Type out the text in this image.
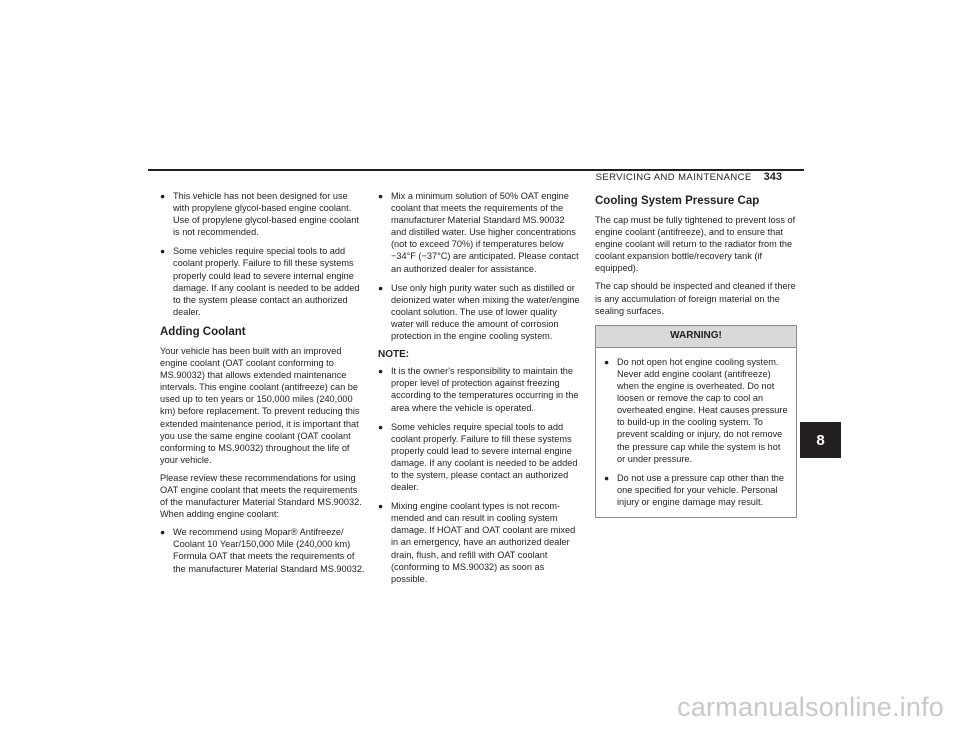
SERVICING AND MAINTENANCE 343
● This vehicle has not been designed for use with propylene glycol-based engine coolant. Use of propylene glycol-based engine coolant is not recommended.
● Some vehicles require special tools to add coolant properly. Failure to fill these systems properly could lead to severe internal engine damage. If any coolant is needed to be added to the system please contact an authorized dealer.
Adding Coolant

Your vehicle has been built with an improved engine coolant (OAT coolant conforming to MS.90032) that allows extended maintenance intervals. This engine coolant (antifreeze) can be used up to ten years or 150,000 miles (240,000 km) before replacement. To prevent reducing this extended maintenance period, it is important that you use the same engine coolant (OAT coolant conforming to MS.90032) throughout the life of your vehicle.

Please review these recommendations for using OAT engine coolant that meets the requirements of the manufacturer Material Standard MS.90032. When adding engine coolant:

● We recommend using Mopar® Antifreeze/ Coolant 10 Year/150,000 Mile (240,000 km) Formula OAT that meets the requirements of the manufacturer Material Standard MS.90032.
● Mix a minimum solution of 50% OAT engine coolant that meets the requirements of the manufacturer Material Standard MS.90032 and distilled water. Use higher concentrations (not to exceed 70%) if temperatures below −34°F (−37°C) are anticipated. Please contact an authorized dealer for assistance.
● Use only high purity water such as distilled or deionized water when mixing the water/engine coolant solution. The use of lower quality water will reduce the amount of corrosion protection in the engine cooling system.
NOTE:
● It is the owner's responsibility to maintain the proper level of protection against freezing according to the temperatures occurring in the area where the vehicle is operated.
● Some vehicles require special tools to add coolant properly. Failure to fill these systems properly could lead to severe internal engine damage. If any coolant is needed to be added to the system, please contact an authorized dealer.
● Mixing engine coolant types is not recom-mended and can result in cooling system damage. If HOAT and OAT coolant are mixed in an emergency, have an authorized dealer drain, flush, and refill with OAT coolant (conforming to MS.90032) as soon as possible.
Cooling System Pressure Cap

The cap must be fully tightened to prevent loss of engine coolant (antifreeze), and to ensure that engine coolant will return to the radiator from the coolant expansion bottle/recovery tank (if equipped).

The cap should be inspected and cleaned if there is any accumulation of foreign material on the sealing surfaces.

WARNING!
● Do not open hot engine cooling system. Never add engine coolant (antifreeze) when the engine is overheated. Do not loosen or remove the cap to cool an overheated engine. Heat causes pressure to build-up in the cooling system. To prevent scalding or injury, do not remove the pressure cap while the system is hot or under pressure.
● Do not use a pressure cap other than the one specified for your vehicle. Personal injury or engine damage may result.
8
carmanualsonline.info
